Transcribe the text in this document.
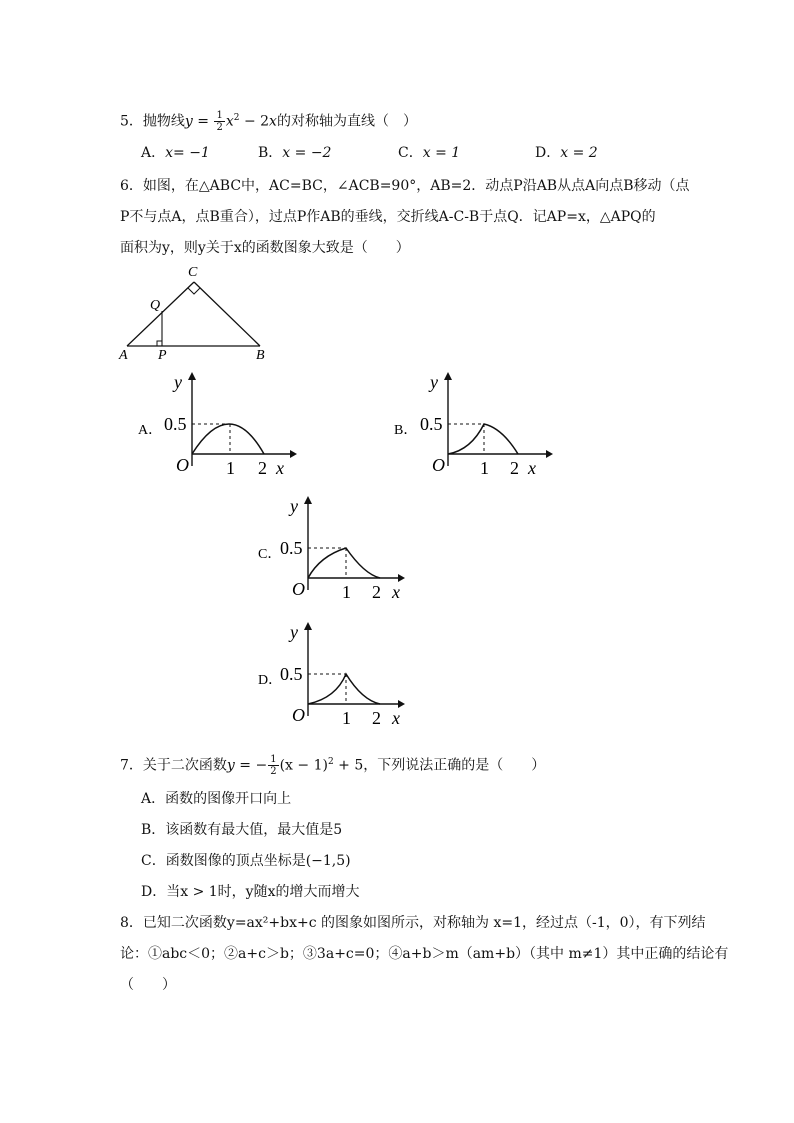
5．抛物线$y = \frac{1}{2} x^2 - 2x$的对称轴为直线（　）
A．x= −1	B．x = −2	C．x = 1	D．x = 2
6．如图，在△ABC中，AC=BC，∠ACB=90°，AB=2．动点P沿AB从点A向点B移动（点
P不与点A，点B重合），过点P作AB的垂线，交折线A-C-B于点Q．记AP=x，△APQ的
面积为y，则y关于x的函数图象大致是（　　）
C
Q
A P	B
A．
y
0.5
O 1 2 x
B．
y
0.5
O 1 2 x
C．
y
0.5
O 1 2 x
D．
y
0.5
O 1 2 x
7．关于二次函数y = − $\frac{1}{2} (x - 1)^2 + 5$，下列说法正确的是（　　）
A．函数的图像开口向上
B．该函数有最大值，最大值是5
C．函数图像的顶点坐标是(−1,5)
D．当x > 1时，y随x的增大而增大
8．已知二次函数y=ax²+bx+c 的图象如图所示，对称轴为 x=1，经过点（-1，0），有下列结
论：①abc＜0；②a+c＞b；③3a+c=0；④a+b＞m（am+b）（其中 m≠1）其中正确的结论有
（　　）
